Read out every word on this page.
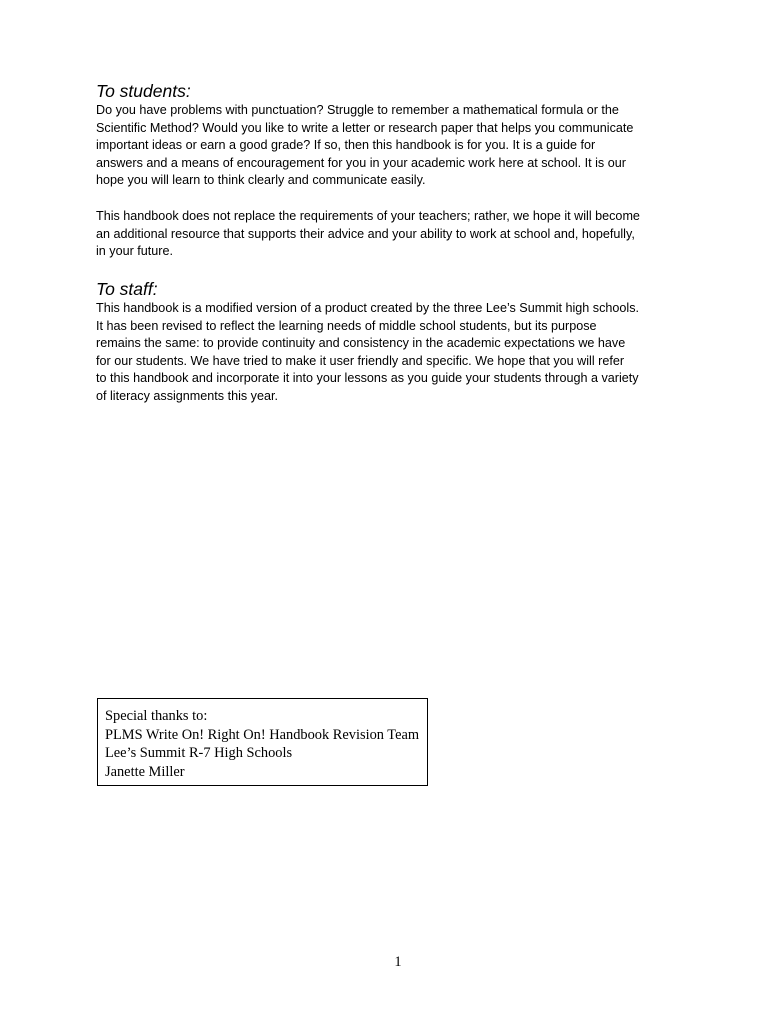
To students:

Do you have problems with punctuation? Struggle to remember a mathematical formula or the
Scientific Method? Would you like to write a letter or research paper that helps you communicate
important ideas or earn a good grade? If so, then this handbook is for you. It is a guide for
answers and a means of encouragement for you in your academic work here at school. It is our
hope you will learn to think clearly and communicate easily.

This handbook does not replace the requirements of your teachers; rather, we hope it will become
an additional resource that supports their advice and your ability to work at school and, hopefully,
in your future.

To staff:

This handbook is a modified version of a product created by the three Lee’s Summit high schools.
It has been revised to reflect the learning needs of middle school students, but its purpose
remains the same: to provide continuity and consistency in the academic expectations we have
for our students. We have tried to make it user friendly and specific. We hope that you will refer
to this handbook and incorporate it into your lessons as you guide your students through a variety
of literacy assignments this year.

Special thanks to:
PLMS Write On! Right On! Handbook Revision Team
Lee’s Summit R-7 High Schools
Janette Miller
1
